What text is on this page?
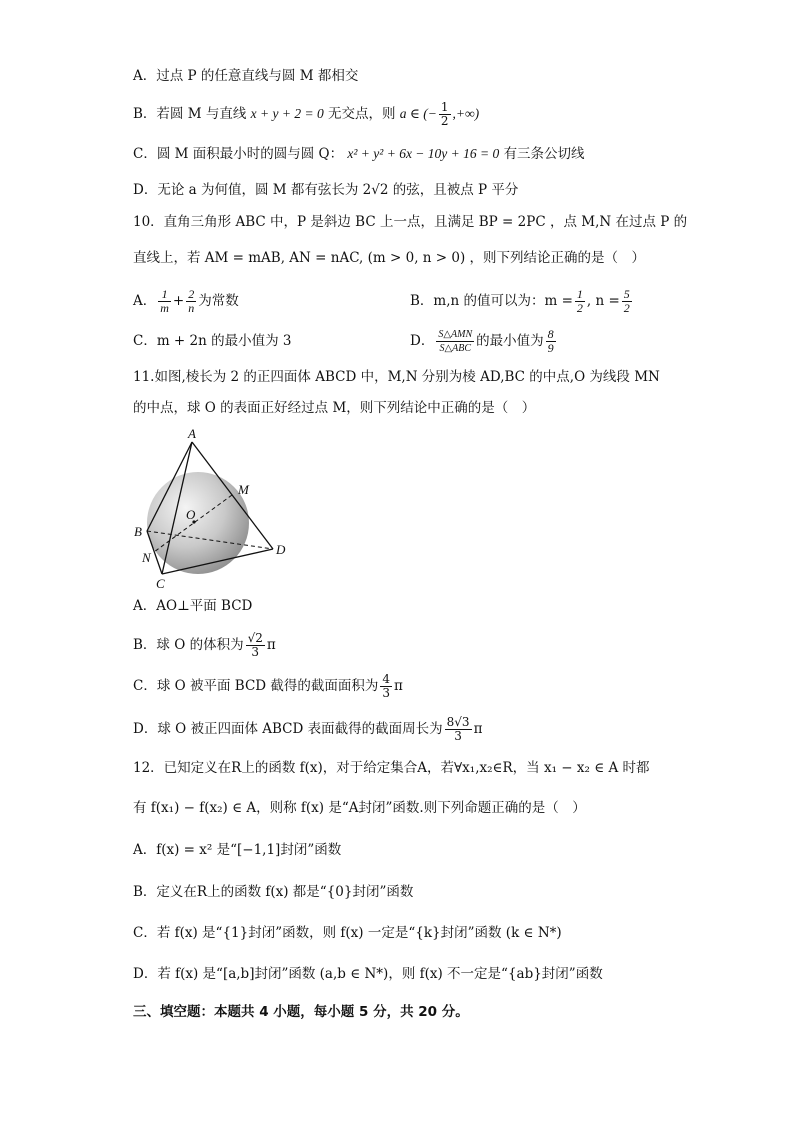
A．过点 P 的任意直线与圆 M 都相交
B．若圆 M 与直线 x + y + 2 = 0 无交点，则 a ∈ (− $\frac{1}{2}$ ,+∞)
C．圆 M 面积最小时的圆与圆 Q： x² + y² + 6x − 10y + 16 = 0 有三条公切线
D．无论 a 为何值，圆 M 都有弦长为 2√2 的弦，且被点 P 平分
10．直角三角形 ABC 中，P 是斜边 BC 上一点，且满足 BP = 2PC ，点 M,N 在过点 P 的
直线上，若 AM = mAB, AN = nAC, (m > 0, n > 0) ，则下列结论正确的是（　）
A． $\frac{1}{m} + \frac{2}{n}$ 为常数	B．m,n 的值可以为：$m = \frac{1}{2}$ , $n = \frac{5}{2}$
C．m + 2n 的最小值为 3	D． $\frac{\text{S△AMN}}{\text{S△ABC}}$ 的最小值为 $\frac{8}{9}$
11.如图,棱长为 2 的正四面体 ABCD 中，M,N 分别为棱 AD,BC 的中点,O 为线段 MN
的中点，球 O 的表面正好经过点 M，则下列结论中正确的是（　）
A
M
O
B
N
D
C
A．AO⊥平面 BCD
B．球 O 的体积为 $\frac{√2}{3}$ π
C．球 O 被平面 BCD 截得的截面面积为 $\frac{4}{3}$ π
D．球 O 被正四面体 ABCD 表面截得的截面周长为 $\frac{8√3}{3}$ π
12．已知定义在R上的函数 f(x)，对于给定集合A，若∀x₁,x₂∈R，当 x₁ − x₂ ∈ A 时都
有 f(x₁) − f(x₂) ∈ A，则称 f(x) 是“A封闭”函数.则下列命题正确的是（　）
A．f(x) = x² 是“[−1,1]封闭”函数
B．定义在R上的函数 f(x) 都是“{0}封闭”函数
C．若 f(x) 是“{1}封闭”函数，则 f(x) 一定是“{k}封闭”函数 (k ∈ N*)
D．若 f(x) 是“[a,b]封闭”函数 (a,b ∈ N*)，则 f(x) 不一定是“{ab}封闭”函数
三、填空题：本题共 4 小题，每小题 5 分，共 20 分。
